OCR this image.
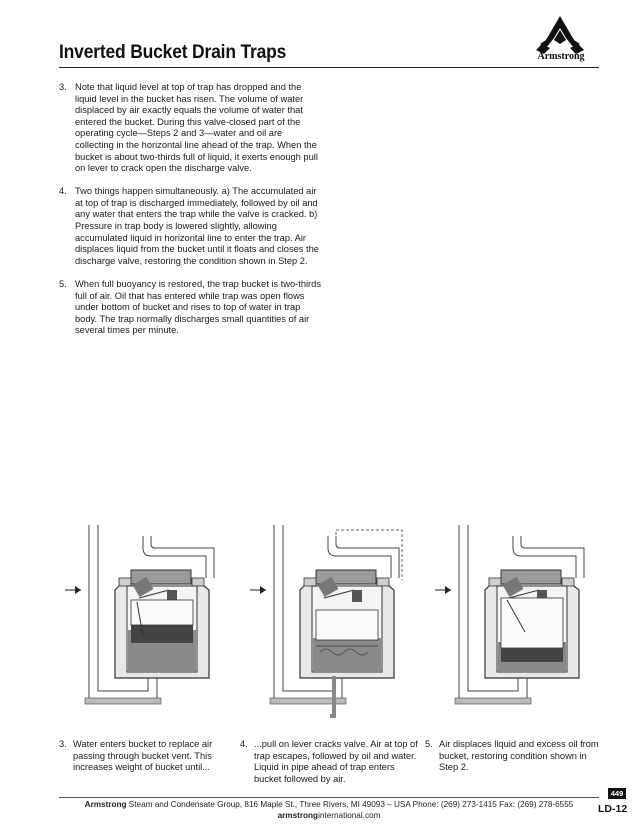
Inverted Bucket Drain Traps	Armstrong
3. Note that liquid level at top of trap has dropped and the liquid level in the bucket has risen. The volume of water displaced by air exactly equals the volume of water that entered the bucket. During this valve-closed part of the operating cycle—Steps 2 and 3—water and oil are collecting in the horizontal line ahead of the trap. When the bucket is about two-thirds full of liquid, it exerts enough pull on lever to crack open the discharge valve.
4. Two things happen simultaneously. a) The accumulated air at top of trap is discharged immediately, followed by oil and any water that enters the trap while the valve is cracked. b) Pressure in trap body is lowered slightly, allowing accumulated liquid in horizontal line to enter the trap. Air displaces liquid from the bucket until it floats and closes the discharge valve, restoring the condition shown in Step 2.
5. When full buoyancy is restored, the trap bucket is two-thirds full of air. Oil that has entered while trap was open flows under bottom of bucket and rises to top of water in trap body. The trap normally discharges small quantities of air several times per minute.
3. Water enters bucket to replace air passing through bucket vent. This increases weight of bucket until...
4. ...pull on lever cracks valve. Air at top of trap escapes, followed by oil and water. Liquid in pipe ahead of trap enters bucket followed by air.
5. Air displaces liquid and excess oil from bucket, restoring condition shown in Step 2.
Armstrong Steam and Condensate Group, 816 Maple St., Three Rivers, MI 49093 – USA Phone: (269) 273-1415 Fax: (269) 278-6555
armstronginternational.com
449
LD-12
